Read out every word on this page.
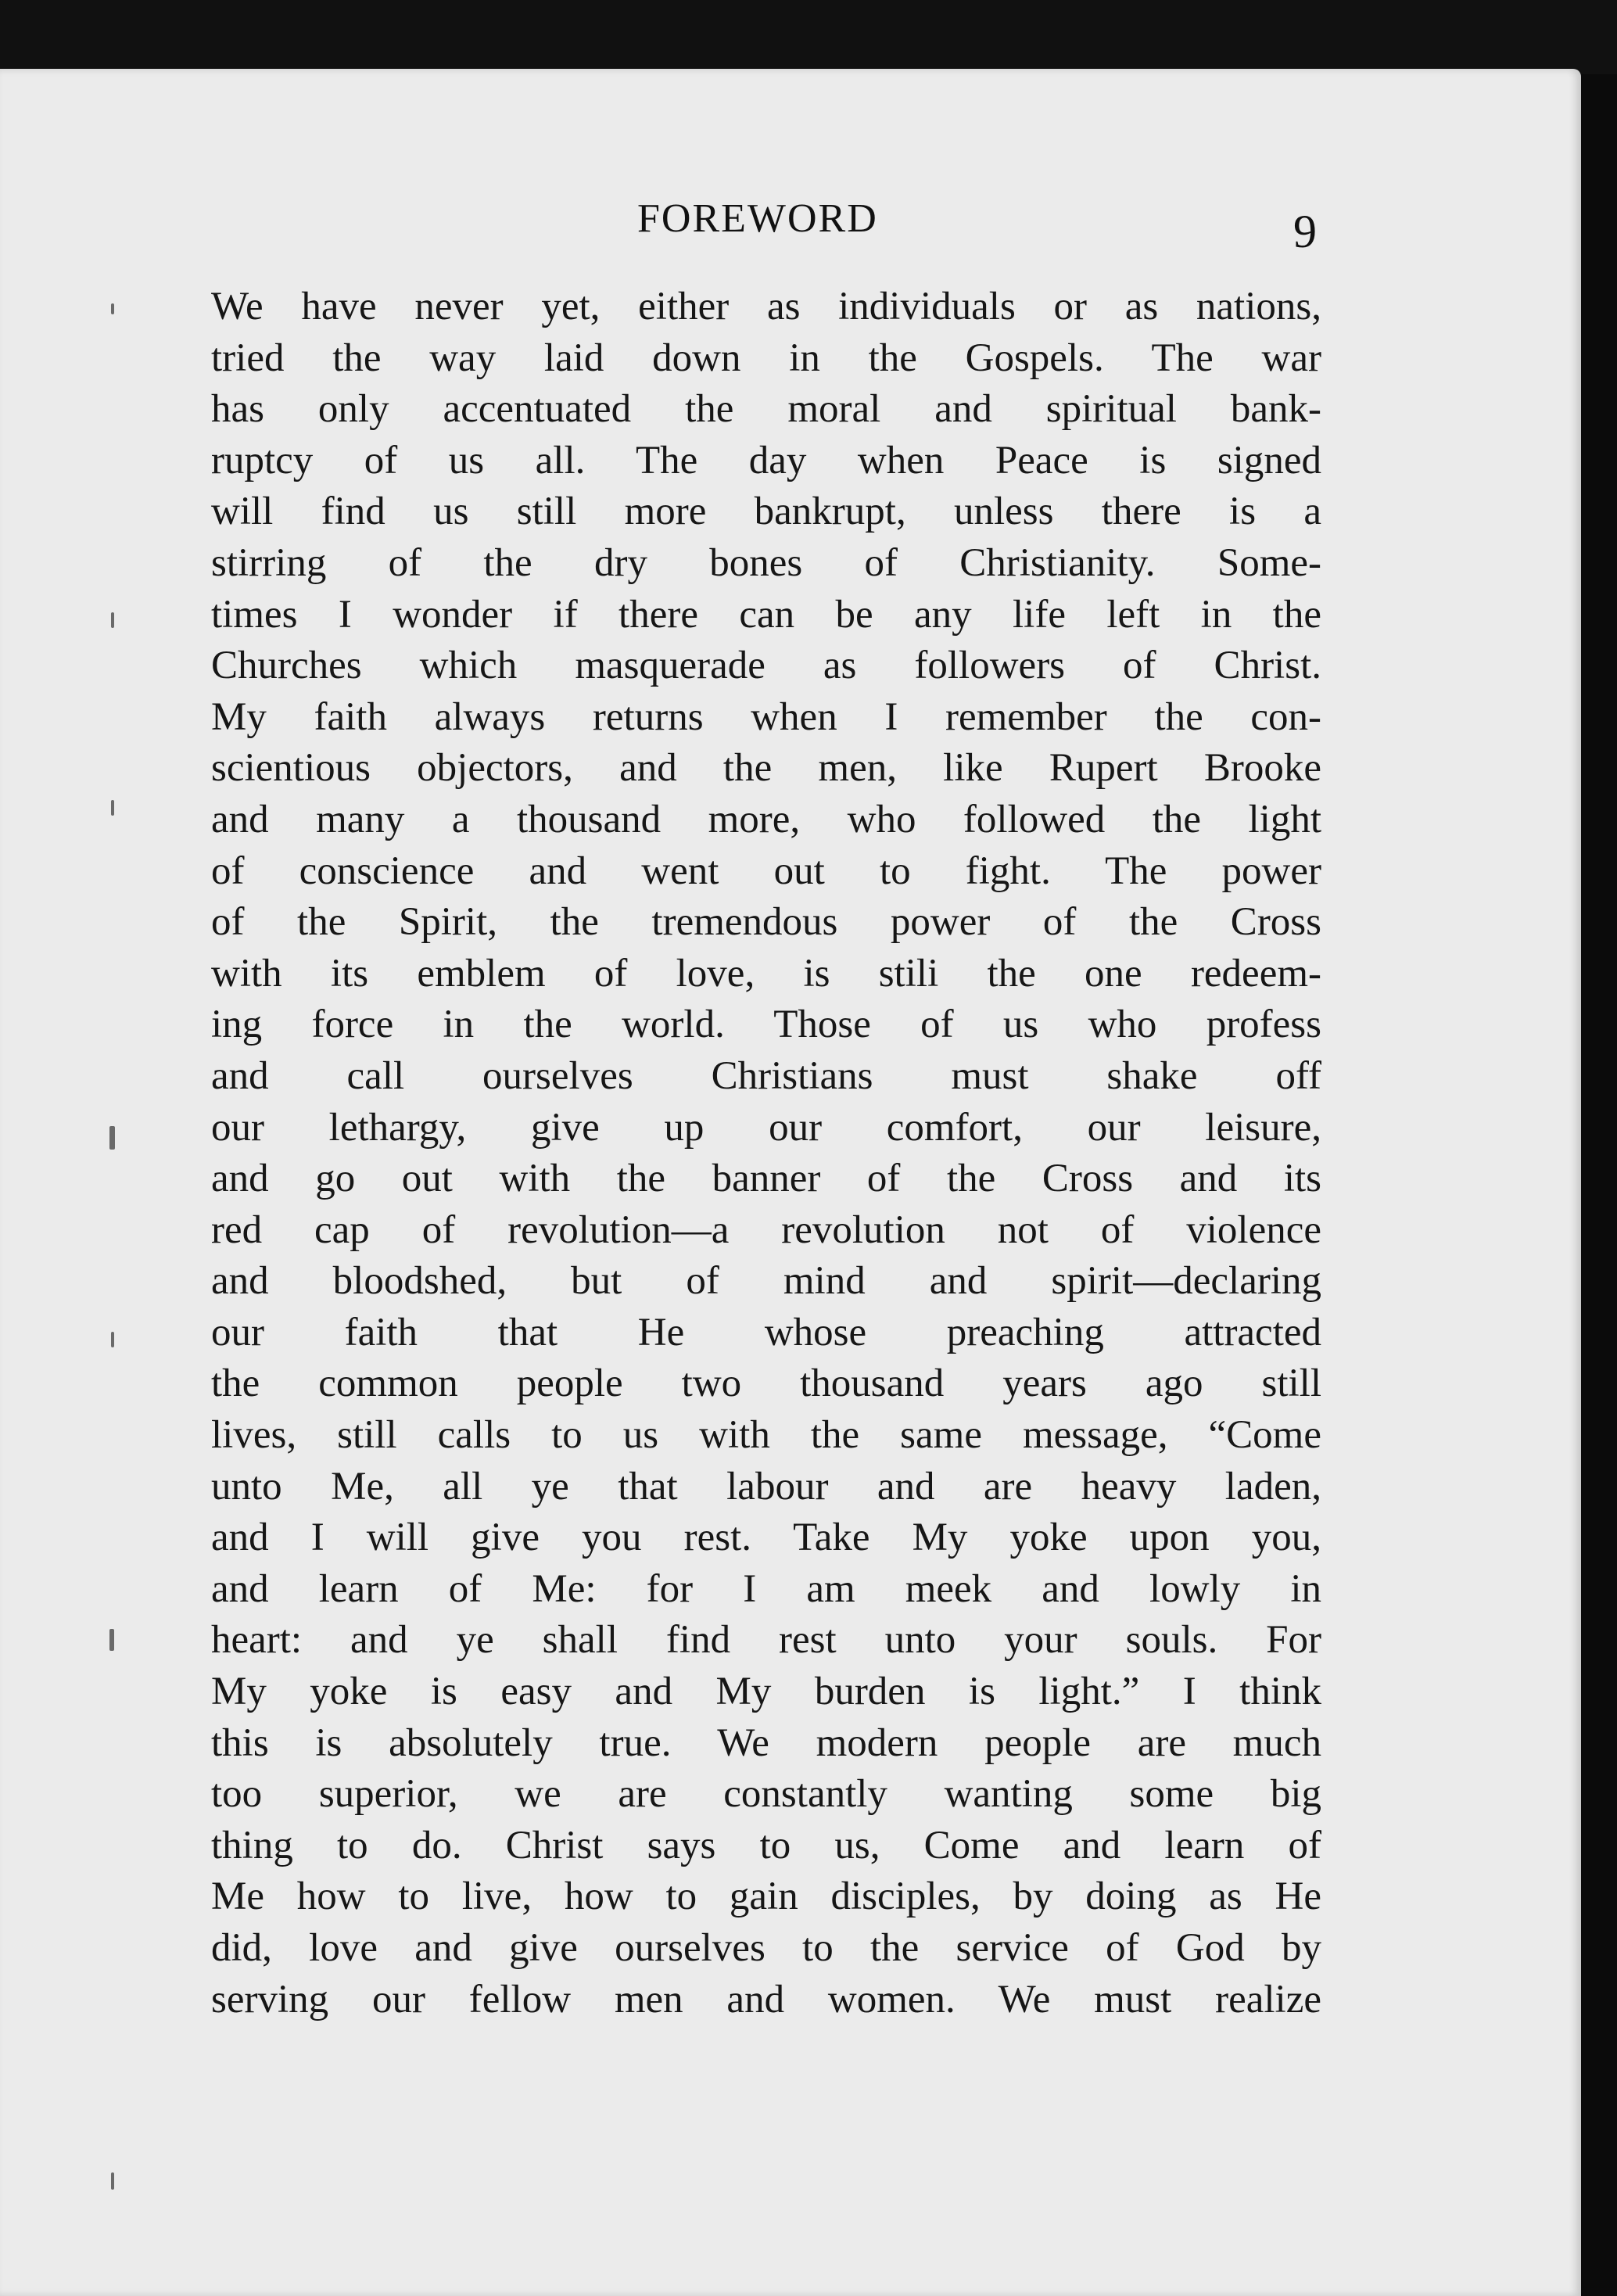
FOREWORD	9
We have never yet, either as individuals or as nations,
tried the way laid down in the Gospels. The war
has only accentuated the moral and spiritual bank-
ruptcy of us all. The day when Peace is signed
will find us still more bankrupt, unless there is a
stirring of the dry bones of Christianity. Some-
times I wonder if there can be any life left in the
Churches which masquerade as followers of Christ.
My faith always returns when I remember the con-
scientious objectors, and the men, like Rupert Brooke
and many a thousand more, who followed the light
of conscience and went out to fight. The power
of the Spirit, the tremendous power of the Cross
with its emblem of love, is stili the one redeem-
ing force in the world. Those of us who profess
and call ourselves Christians must shake off
our lethargy, give up our comfort, our leisure,
and go out with the banner of the Cross and its
red cap of revolution—a revolution not of violence
and bloodshed, but of mind and spirit—declaring
our faith that He whose preaching attracted
the common people two thousand years ago still
lives, still calls to us with the same message, “Come
unto Me, all ye that labour and are heavy laden,
and I will give you rest. Take My yoke upon you,
and learn of Me: for I am meek and lowly in
heart: and ye shall find rest unto your souls. For
My yoke is easy and My burden is light.” I think
this is absolutely true. We modern people are much
too superior, we are constantly wanting some big
thing to do. Christ says to us, Come and learn of
Me how to live, how to gain disciples, by doing as He
did, love and give ourselves to the service of God by
serving our fellow men and women. We must realize
